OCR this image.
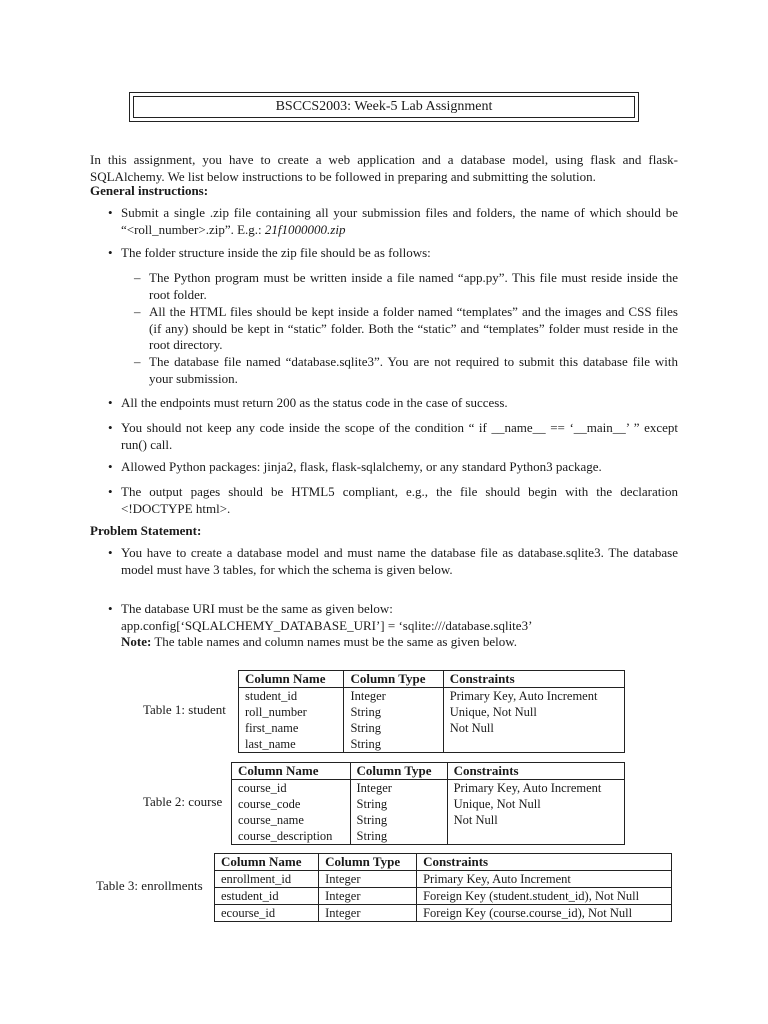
BSCCS2003: Week-5 Lab Assignment
In this assignment, you have to create a web application and a database model, using flask and flask-SQLAlchemy. We list below instructions to be followed in preparing and submitting the solution.
General instructions:
• Submit a single .zip file containing all your submission files and folders, the name of which should be “<roll_number>.zip”. E.g.: 21f1000000.zip
• The folder structure inside the zip file should be as follows:
– The Python program must be written inside a file named “app.py”. This file must reside inside the root folder.
– All the HTML files should be kept inside a folder named “templates” and the images and CSS files (if any) should be kept in “static” folder. Both the “static” and “templates” folder must reside in the root directory.
– The database file named “database.sqlite3”. You are not required to submit this database file with your submission.
• All the endpoints must return 200 as the status code in the case of success.
• You should not keep any code inside the scope of the condition “ if __name__ == ‘__main__’ ” except run() call.
• Allowed Python packages: jinja2, flask, flask-sqlalchemy, or any standard Python3 package.
• The output pages should be HTML5 compliant, e.g., the file should begin with the declaration <!DOCTYPE html>.
Problem Statement:
• You have to create a database model and must name the database file as database.sqlite3. The database model must have 3 tables, for which the schema is given below.
• The database URI must be the same as given below:
app.config[‘SQLALCHEMY_DATABASE_URI’] = ‘sqlite:///database.sqlite3’
Note: The table names and column names must be the same as given below.
Table 1: student
Column Name	Column Type	Constraints
student_id	Integer	Primary Key, Auto Increment
roll_number	String	Unique, Not Null
first_name	String	Not Null
last_name	String	
Table 2: course
Column Name	Column Type	Constraints
course_id	Integer	Primary Key, Auto Increment
course_code	String	Unique, Not Null
course_name	String	Not Null
course_description	String	
Table 3: enrollments
Column Name	Column Type	Constraints
enrollment_id	Integer	Primary Key, Auto Increment
estudent_id	Integer	Foreign Key (student.student_id), Not Null
ecourse_id	Integer	Foreign Key (course.course_id), Not Null
